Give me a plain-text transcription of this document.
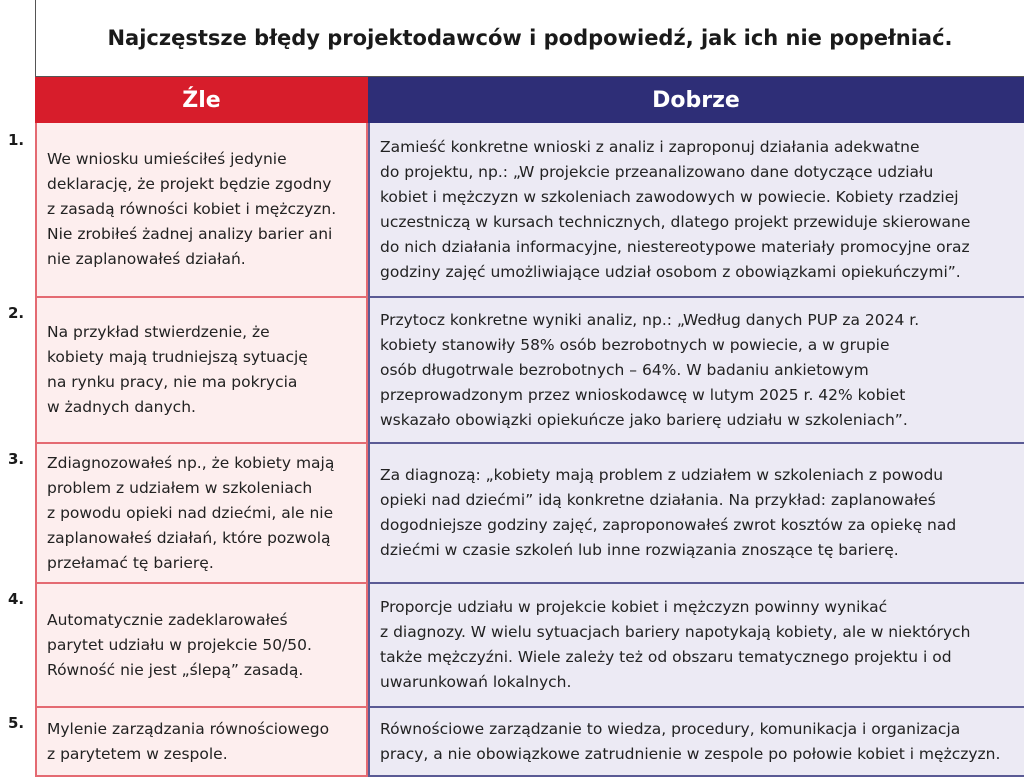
Najczęstsze błędy projektodawców i podpowiedź, jak ich nie popełniać.
Źle	Dobrze
1.
We wniosku umieściłeś jedynie
deklarację, że projekt będzie zgodny
z zasadą równości kobiet i mężczyzn.
Nie zrobiłeś żadnej analizy barier ani
nie zaplanowałeś działań.
Zamieść konkretne wnioski z analiz i zaproponuj działania adekwatne
do projektu, np.: „W projekcie przeanalizowano dane dotyczące udziału
kobiet i mężczyzn w szkoleniach zawodowych w powiecie. Kobiety rzadziej
uczestniczą w kursach technicznych, dlatego projekt przewiduje skierowane
do nich działania informacyjne, niestereotypowe materiały promocyjne oraz
godziny zajęć umożliwiające udział osobom z obowiązkami opiekuńczymi”.
2.
Na przykład stwierdzenie, że
kobiety mają trudniejszą sytuację
na rynku pracy, nie ma pokrycia
w żadnych danych.
Przytocz konkretne wyniki analiz, np.: „Według danych PUP za 2024 r.
kobiety stanowiły 58% osób bezrobotnych w powiecie, a w grupie
osób długotrwale bezrobotnych – 64%. W badaniu ankietowym
przeprowadzonym przez wnioskodawcę w lutym 2025 r. 42% kobiet
wskazało obowiązki opiekuńcze jako barierę udziału w szkoleniach”.
3. Zdiagnozowałeś np., że kobiety mają
problem z udziałem w szkoleniach
z powodu opieki nad dziećmi, ale nie
zaplanowałeś działań, które pozwolą
przełamać tę barierę.
Za diagnozą: „kobiety mają problem z udziałem w szkoleniach z powodu
opieki nad dziećmi” idą konkretne działania. Na przykład: zaplanowałeś
dogodniejsze godziny zajęć, zaproponowałeś zwrot kosztów za opiekę nad
dziećmi w czasie szkoleń lub inne rozwiązania znoszące tę barierę.
4.
Automatycznie zadeklarowałeś
parytet udziału w projekcie 50/50.
Równość nie jest „ślepą” zasadą.
Proporcje udziału w projekcie kobiet i mężczyzn powinny wynikać
z diagnozy. W wielu sytuacjach bariery napotykają kobiety, ale w niektórych
także mężczyźni. Wiele zależy też od obszaru tematycznego projektu i od
uwarunkowań lokalnych.
5. Mylenie zarządzania równościowego
z parytetem w zespole.
Równościowe zarządzanie to wiedza, procedury, komunikacja i organizacja
pracy, a nie obowiązkowe zatrudnienie w zespole po połowie kobiet i mężczyzn.
